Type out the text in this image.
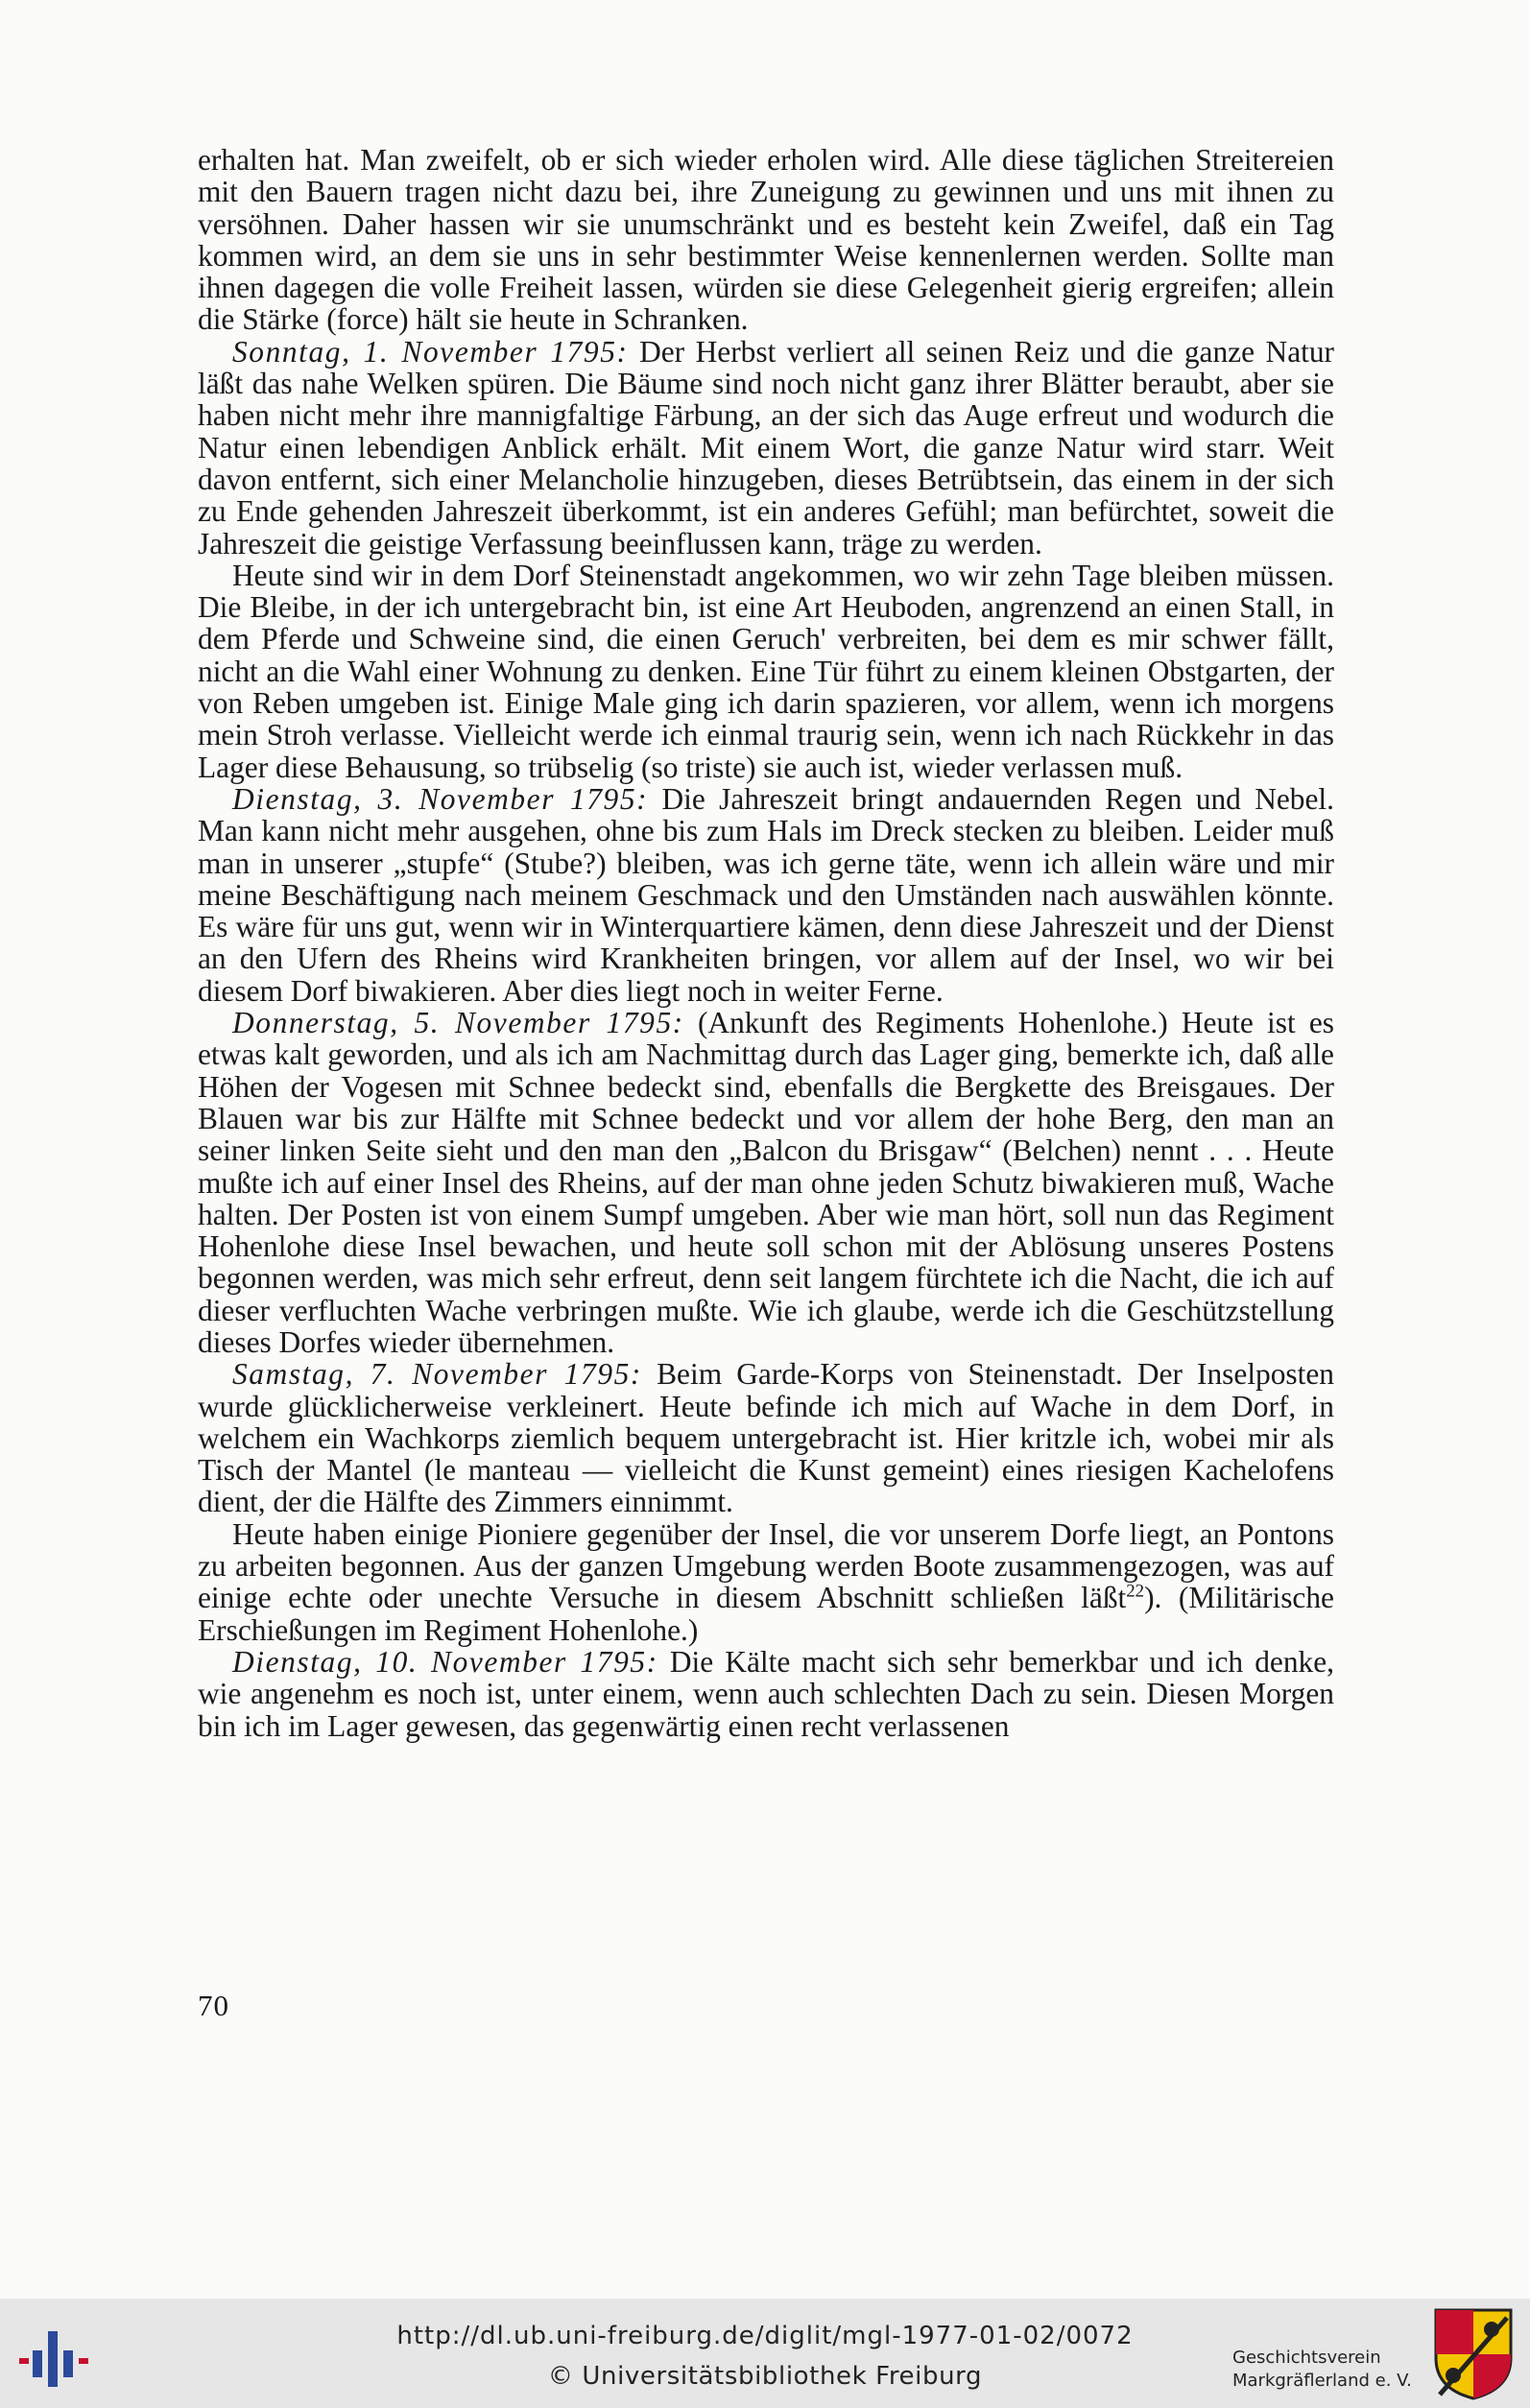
erhalten hat. Man zweifelt, ob er sich wieder erholen wird. Alle diese täglichen Streitereien mit den Bauern tragen nicht dazu bei, ihre Zuneigung zu gewinnen und uns mit ihnen zu versöhnen. Daher hassen wir sie unumschränkt und es besteht kein Zweifel, daß ein Tag kommen wird, an dem sie uns in sehr bestimmter Weise kennenlernen werden. Sollte man ihnen dagegen die volle Freiheit lassen, würden sie diese Gelegenheit gierig ergreifen; allein die Stärke (force) hält sie heute in Schranken.

Sonntag, 1. November 1795: Der Herbst verliert all seinen Reiz und die ganze Natur läßt das nahe Welken spüren. Die Bäume sind noch nicht ganz ihrer Blätter beraubt, aber sie haben nicht mehr ihre mannigfaltige Färbung, an der sich das Auge erfreut und wodurch die Natur einen lebendigen Anblick erhält. Mit einem Wort, die ganze Natur wird starr. Weit davon entfernt, sich einer Melancholie hinzugeben, dieses Betrübtsein, das einem in der sich zu Ende gehenden Jahreszeit überkommt, ist ein anderes Gefühl; man befürchtet, soweit die Jahreszeit die geistige Verfassung beeinflussen kann, träge zu werden.

Heute sind wir in dem Dorf Steinenstadt angekommen, wo wir zehn Tage bleiben müssen. Die Bleibe, in der ich untergebracht bin, ist eine Art Heuboden, angrenzend an einen Stall, in dem Pferde und Schweine sind, die einen Geruch' verbreiten, bei dem es mir schwer fällt, nicht an die Wahl einer Wohnung zu denken. Eine Tür führt zu einem kleinen Obstgarten, der von Reben umgeben ist. Einige Male ging ich darin spazieren, vor allem, wenn ich morgens mein Stroh verlasse. Vielleicht werde ich einmal traurig sein, wenn ich nach Rückkehr in das Lager diese Behausung, so trübselig (so triste) sie auch ist, wieder verlassen muß.

Dienstag, 3. November 1795: Die Jahreszeit bringt andauernden Regen und Nebel. Man kann nicht mehr ausgehen, ohne bis zum Hals im Dreck stecken zu bleiben. Leider muß man in unserer „stupfe“ (Stube?) bleiben, was ich gerne täte, wenn ich allein wäre und mir meine Beschäftigung nach meinem Geschmack und den Umständen nach auswählen könnte. Es wäre für uns gut, wenn wir in Winterquartiere kämen, denn diese Jahreszeit und der Dienst an den Ufern des Rheins wird Krankheiten bringen, vor allem auf der Insel, wo wir bei diesem Dorf biwakieren. Aber dies liegt noch in weiter Ferne.

Donnerstag, 5. November 1795: (Ankunft des Regiments Hohenlohe.) Heute ist es etwas kalt geworden, und als ich am Nachmittag durch das Lager ging, bemerkte ich, daß alle Höhen der Vogesen mit Schnee bedeckt sind, ebenfalls die Bergkette des Breisgaues. Der Blauen war bis zur Hälfte mit Schnee bedeckt und vor allem der hohe Berg, den man an seiner linken Seite sieht und den man den „Balcon du Brisgaw“ (Belchen) nennt . . . Heute mußte ich auf einer Insel des Rheins, auf der man ohne jeden Schutz biwakieren muß, Wache halten. Der Posten ist von einem Sumpf umgeben. Aber wie man hört, soll nun das Regiment Hohenlohe diese Insel bewachen, und heute soll schon mit der Ablösung unseres Postens begonnen werden, was mich sehr erfreut, denn seit langem fürchtete ich die Nacht, die ich auf dieser verfluchten Wache verbringen mußte. Wie ich glaube, werde ich die Geschützstellung dieses Dorfes wieder übernehmen.

Samstag, 7. November 1795: Beim Garde-Korps von Steinenstadt. Der Inselposten wurde glücklicherweise verkleinert. Heute befinde ich mich auf Wache in dem Dorf, in welchem ein Wachkorps ziemlich bequem untergebracht ist. Hier kritzle ich, wobei mir als Tisch der Mantel (le manteau — vielleicht die Kunst gemeint) eines riesigen Kachelofens dient, der die Hälfte des Zimmers einnimmt.

Heute haben einige Pioniere gegenüber der Insel, die vor unserem Dorfe liegt, an Pontons zu arbeiten begonnen. Aus der ganzen Umgebung werden Boote zusammengezogen, was auf einige echte oder unechte Versuche in diesem Abschnitt schließen läßt$^{22}$). (Militärische Erschießungen im Regiment Hohenlohe.)

Dienstag, 10. November 1795: Die Kälte macht sich sehr bemerkbar und ich denke, wie angenehm es noch ist, unter einem, wenn auch schlechten Dach zu sein. Diesen Morgen bin ich im Lager gewesen, das gegenwärtig einen recht verlassenen

70
http://dl.ub.uni-freiburg.de/diglit/mgl-1977-01-02/0072
© Universitätsbibliothek Freiburg
Geschichtsverein
Markgräflerland e. V.
